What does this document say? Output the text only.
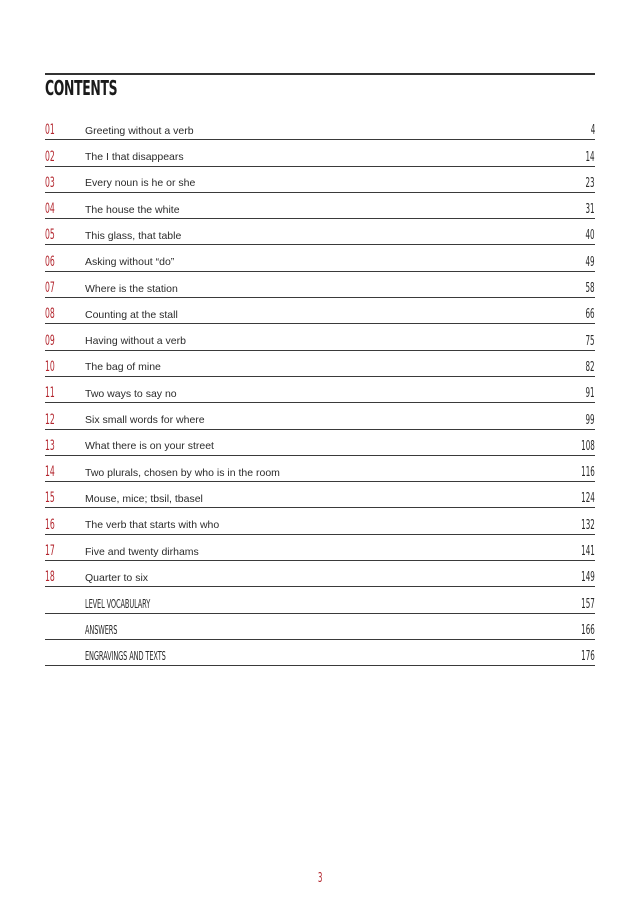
CONTENTS
01	Greeting without a verb	4
02	The I that disappears	14
03	Every noun is he or she	23
04	The house the white	31
05	This glass, that table	40
06	Asking without “do”	49
07	Where is the station	58
08	Counting at the stall	66
09	Having without a verb	75
10	The bag of mine	82
11	Two ways to say no	91
12	Six small words for where	99
13	What there is on your street	108
14	Two plurals, chosen by who is in the room	116
15	Mouse, mice; tbsil, tbasel	124
16	The verb that starts with who	132
17	Five and twenty dirhams	141
18	Quarter to six	149
LEVEL VOCABULARY	157
ANSWERS	166
ENGRAVINGS AND TEXTS	176
3
